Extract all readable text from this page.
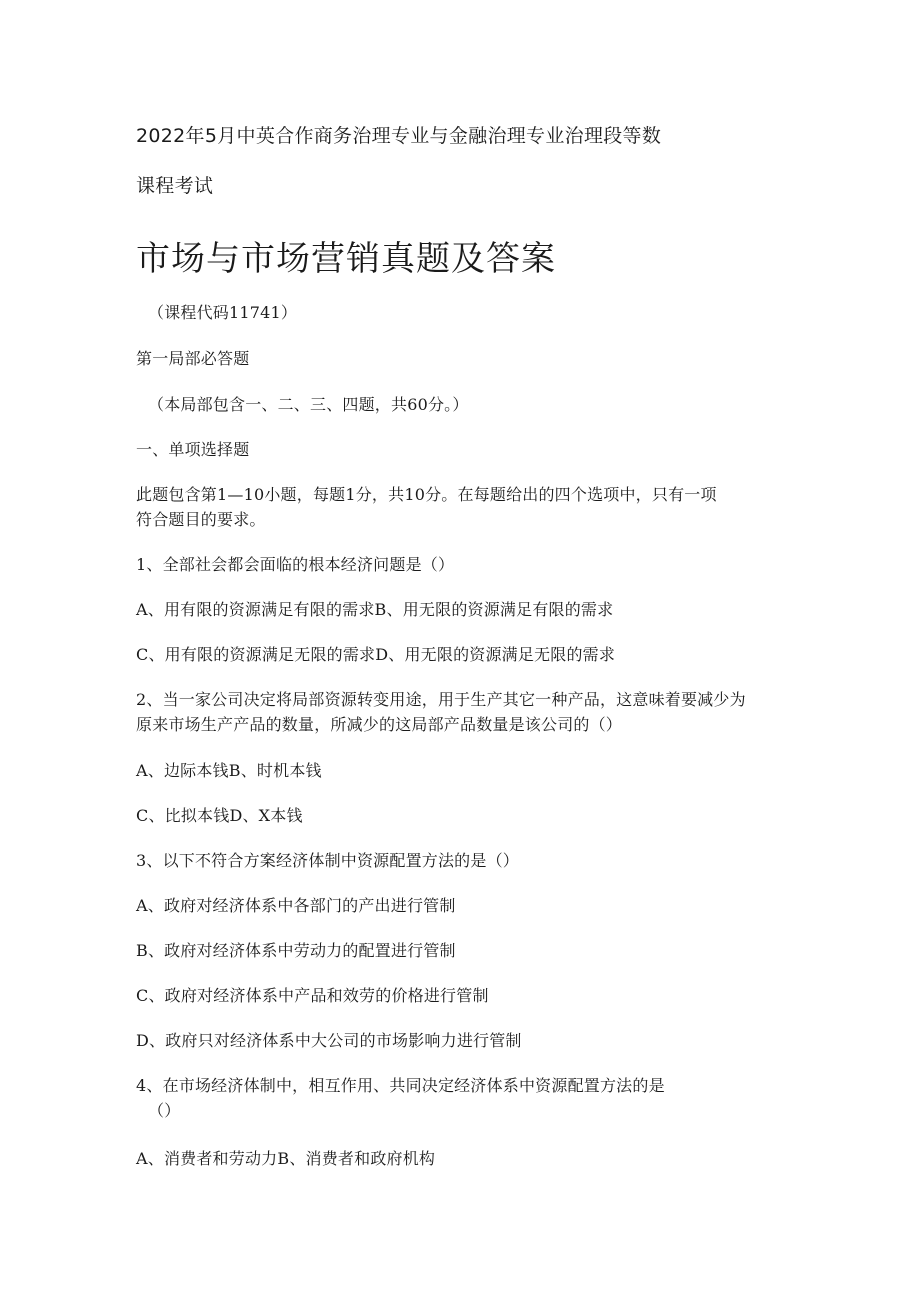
2022年5月中英合作商务治理专业与金融治理专业治理段等数
课程考试
市场与市场营销真题及答案
（课程代码11741）
第一局部必答题
（本局部包含一、二、三、四题，共60分。）
一、单项选择题
此题包含第1—10小题，每题1分，共10分。在每题给出的四个选项中，只有一项
符合题目的要求。
1、全部社会都会面临的根本经济问题是（）
A、用有限的资源满足有限的需求B、用无限的资源满足有限的需求
C、用有限的资源满足无限的需求D、用无限的资源满足无限的需求
2、当一家公司决定将局部资源转变用途，用于生产其它一种产品，这意味着要减少为
原来市场生产产品的数量，所减少的这局部产品数量是该公司的（）
A、边际本钱B、时机本钱
C、比拟本钱D、X本钱
3、以下不符合方案经济体制中资源配置方法的是（）
A、政府对经济体系中各部门的产出进行管制
B、政府对经济体系中劳动力的配置进行管制
C、政府对经济体系中产品和效劳的价格进行管制
D、政府只对经济体系中大公司的市场影响力进行管制
4、在市场经济体制中，相互作用、共同决定经济体系中资源配置方法的是
（）
A、消费者和劳动力B、消费者和政府机构
